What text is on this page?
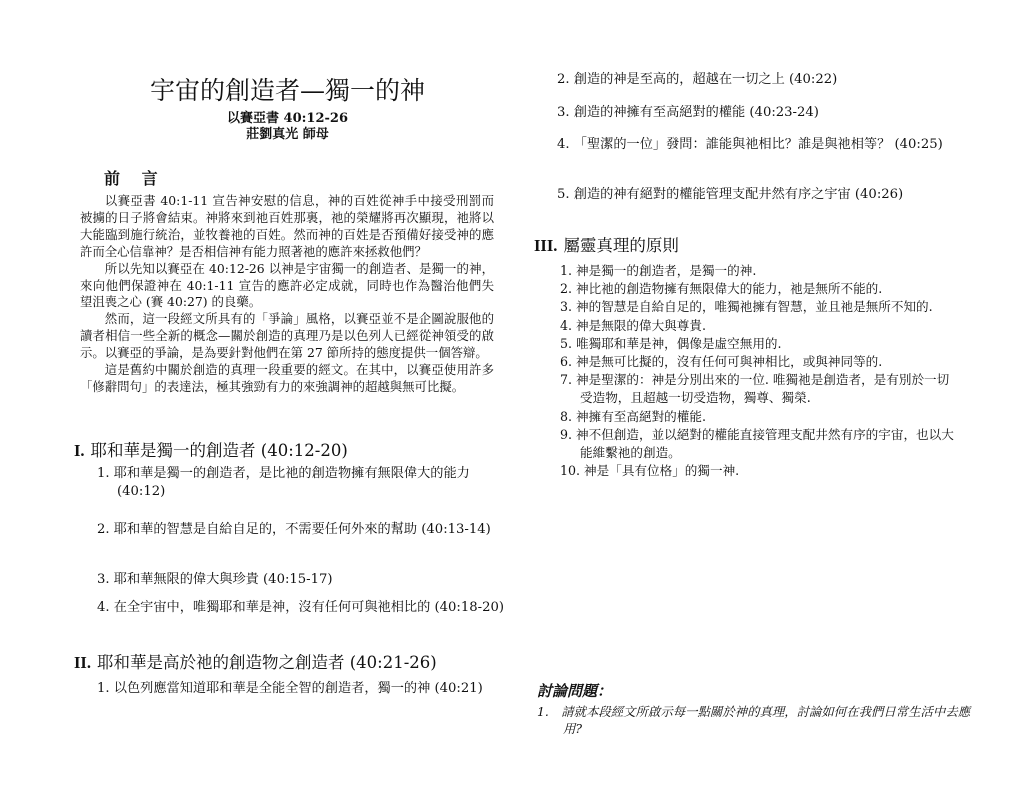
宇宙的創造者—獨一的神
以賽亞書 40:12-26
莊劉真光 師母
前 言

以賽亞書 40:1-11 宣告神安慰的信息，神的百姓從神手中接受刑罰而被擄的日子將會結束。神將來到祂百姓那裏，祂的榮耀將再次顯現，祂將以大能臨到施行統治，並牧養祂的百姓。然而神的百姓是否預備好接受神的應許而全心信靠神？是否相信神有能力照著祂的應許來拯救他們？

所以先知以賽亞在 40:12-26 以神是宇宙獨一的創造者、是獨一的神，來向他們保證神在 40:1-11 宣告的應許必定成就，同時也作為醫治他們失望沮喪之心 (賽 40:27) 的良藥。

然而，這一段經文所具有的「爭論」風格，以賽亞並不是企圖說服他的讀者相信一些全新的概念—關於創造的真理乃是以色列人已經從神領受的啟示。以賽亞的爭論，是為要針對他們在第 27 節所持的態度提供一個答辯。

這是舊約中關於創造的真理一段重要的經文。在其中，以賽亞使用許多「修辭問句」的表達法，極其強勁有力的來強調神的超越與無可比擬。

I. 耶和華是獨一的創造者 (40:12-20)
1. 耶和華是獨一的創造者，是比祂的創造物擁有無限偉大的能力 (40:12)
2. 耶和華的智慧是自給自足的，不需要任何外來的幫助 (40:13-14)
3. 耶和華無限的偉大與珍貴 (40:15-17)
4. 在全宇宙中，唯獨耶和華是神，沒有任何可與祂相比的 (40:18-20)
II. 耶和華是高於祂的創造物之創造者 (40:21-26)
1. 以色列應當知道耶和華是全能全智的創造者，獨一的神 (40:21)
2. 創造的神是至高的，超越在一切之上 (40:22)
3. 創造的神擁有至高絕對的權能 (40:23-24)
4. 「聖潔的一位」發問：誰能與祂相比？誰是與祂相等？ (40:25)
5. 創造的神有絕對的權能管理支配井然有序之宇宙 (40:26)
III. 屬靈真理的原則
1. 神是獨一的創造者，是獨一的神.
2. 神比祂的創造物擁有無限偉大的能力，祂是無所不能的.
3. 神的智慧是自給自足的，唯獨祂擁有智慧，並且祂是無所不知的.
4. 神是無限的偉大與尊貴.
5. 唯獨耶和華是神，偶像是虛空無用的.
6. 神是無可比擬的，沒有任何可與神相比，或與神同等的.
7. 神是聖潔的：神是分別出來的一位. 唯獨祂是創造者，是有別於一切受造物，且超越一切受造物，獨尊、獨榮.
8. 神擁有至高絕對的權能.
9. 神不但創造，並以絕對的權能直接管理支配井然有序的宇宙，也以大能維繫祂的創造。
10. 神是「具有位格」的獨一神.
討論問題：
1.　請就本段經文所啟示每一點關於神的真理，討論如何在我們日常生活中去應用?
